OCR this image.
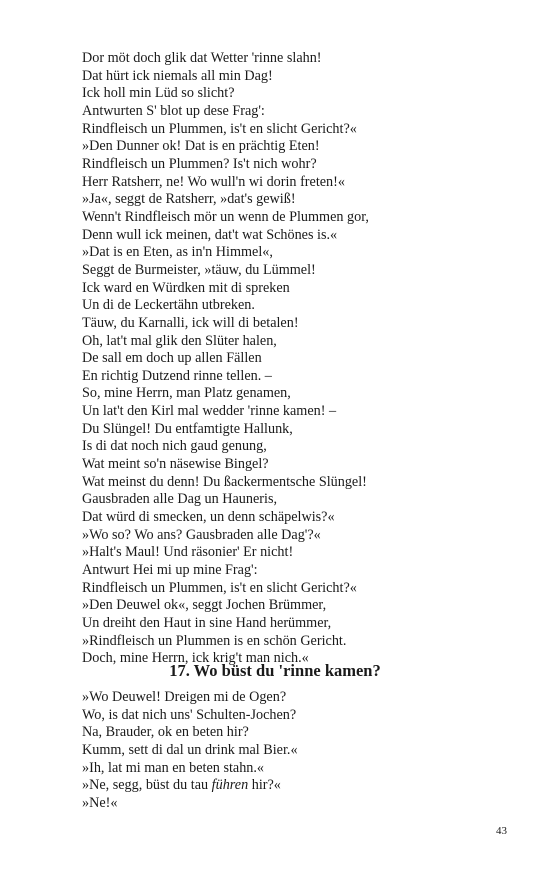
Dor möt doch glik dat Wetter 'rinne slahn!
Dat hürt ick niemals all min Dag!
Ick holl min Lüd so slicht?
Antwurten S' blot up dese Frag':
Rindfleisch un Plummen, is't en slicht Gericht?«
»Den Dunner ok! Dat is en prächtig Eten!
Rindfleisch un Plummen? Is't nich wohr?
Herr Ratsherr, ne! Wo wull'n wi dorin freten!«
»Ja«, seggt de Ratsherr, »dat's gewiß!
Wenn't Rindfleisch mör un wenn de Plummen gor,
Denn wull ick meinen, dat't wat Schönes is.«
»Dat is en Eten, as in'n Himmel«,
Seggt de Burmeister, »täuw, du Lümmel!
Ick ward en Würdken mit di spreken
Un di de Leckertähn utbreken.
Täuw, du Karnalli, ick will di betalen!
Oh, lat't mal glik den Slüter halen,
De sall em doch up allen Fällen
En richtig Dutzend rinne tellen. –
So, mine Herrn, man Platz genamen,
Un lat't den Kirl mal wedder 'rinne kamen! –
Du Slüngel! Du entfamtigte Hallunk,
Is di dat noch nich gaud genung,
Wat meint so'n näsewise Bingel?
Wat meinst du denn! Du ßackermentsche Slüngel!
Gausbraden alle Dag un Hauneris,
Dat würd di smecken, un denn schäpelwis?«
»Wo so? Wo ans? Gausbraden alle Dag'?«
»Halt's Maul! Und räsonier' Er nicht!
Antwurt Hei mi up mine Frag':
Rindfleisch un Plummen, is't en slicht Gericht?«
»Den Deuwel ok«, seggt Jochen Brümmer,
Un dreiht den Haut in sine Hand herümmer,
»Rindfleisch un Plummen is en schön Gericht.
Doch, mine Herrn, ick krig't man nich.«
17. Wo büst du 'rinne kamen?
»Wo Deuwel! Dreigen mi de Ogen?
Wo, is dat nich uns' Schulten-Jochen?
Na, Brauder, ok en beten hir?
Kumm, sett di dal un drink mal Bier.«
»Ih, lat mi man en beten stahn.«
»Ne, segg, büst du tau führen hir?«
»Ne!«
43
